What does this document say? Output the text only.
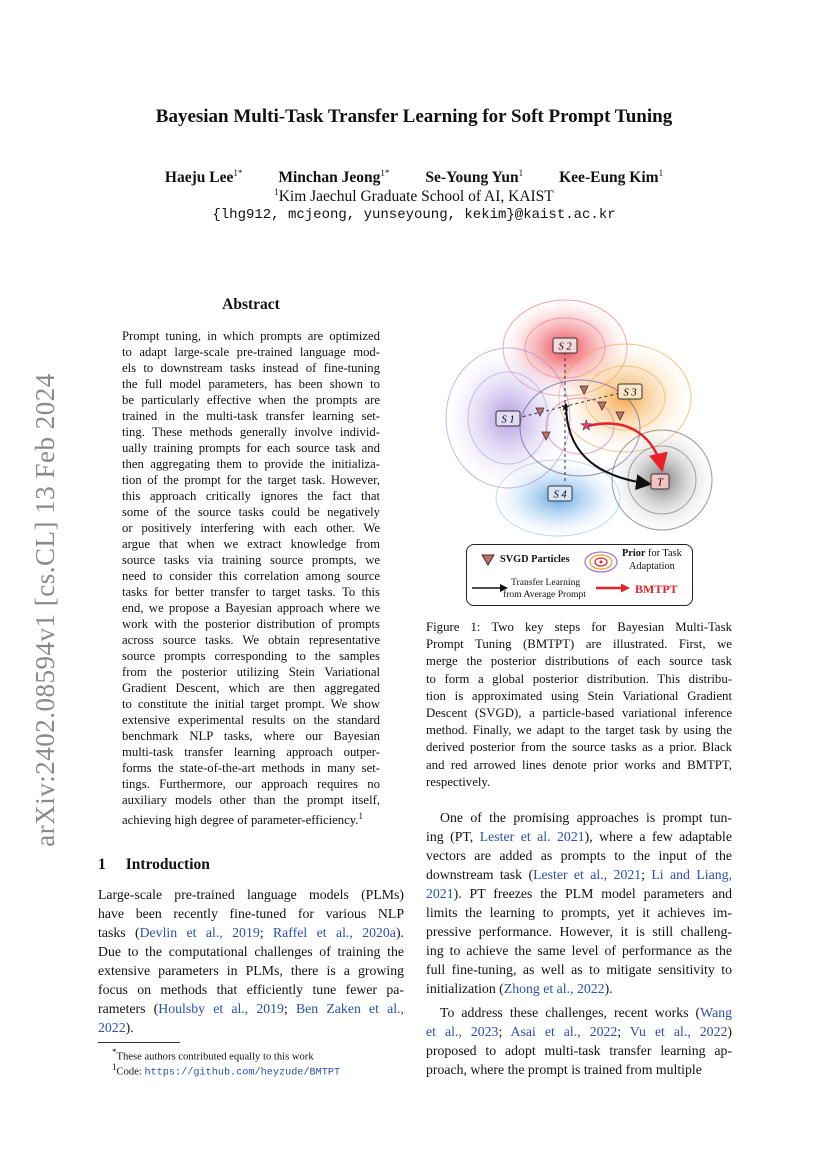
arXiv:2402.08594v1 [cs.CL] 13 Feb 2024
Bayesian Multi-Task Transfer Learning for Soft Prompt Tuning
Haeju Lee$^{1*}$ Minchan Jeong$^{1*}$ Se-Young Yun$^1$ Kee-Eung Kim$^1$
$^1$Kim Jaechul Graduate School of AI, KAIST
{lhg912, mcjeong, yunseyoung, kekim}@kaist.ac.kr
Abstract
Prompt tuning, in which prompts are optimized
to adapt large-scale pre-trained language mod-
els to downstream tasks instead of fine-tuning
the full model parameters, has been shown to
be particularly effective when the prompts are
trained in the multi-task transfer learning set-
ting. These methods generally involve individ-
ually training prompts for each source task and
then aggregating them to provide the initializa-
tion of the prompt for the target task. However,
this approach critically ignores the fact that
some of the source tasks could be negatively
or positively interfering with each other. We
argue that when we extract knowledge from
source tasks via training source prompts, we
need to consider this correlation among source
tasks for better transfer to target tasks. To this
end, we propose a Bayesian approach where we
work with the posterior distribution of prompts
across source tasks. We obtain representative
source prompts corresponding to the samples
from the posterior utilizing Stein Variational
Gradient Descent, which are then aggregated
to constitute the initial target prompt. We show
extensive experimental results on the standard
benchmark NLP tasks, where our Bayesian
multi-task transfer learning approach outper-
forms the state-of-the-art methods in many set-
tings. Furthermore, our approach requires no
auxiliary models other than the prompt itself,
achieving high degree of parameter-efficiency.$^1$
1 Introduction
Large-scale pre-trained language models (PLMs)
have been recently fine-tuned for various NLP
tasks (Devlin et al., 2019; Raffel et al., 2020a).
Due to the computational challenges of training the
extensive parameters in PLMs, there is a growing
focus on methods that efficiently tune fewer pa-
rameters (Houlsby et al., 2019; Ben Zaken et al.,
2022).
*These authors contributed equally to this work
$^1$Code: https://github.com/heyzude/BMTPT
★
★
S 2
S 3
S 1
S 4
T
SVGD Particles
Prior for Task
Adaptation
Transfer Learning
from Average Prompt	BMTPT
Figure 1: Two key steps for Bayesian Multi-Task
Prompt Tuning (BMTPT) are illustrated. First, we
merge the posterior distributions of each source task
to form a global posterior distribution. This distribu-
tion is approximated using Stein Variational Gradient
Descent (SVGD), a particle-based variational inference
method. Finally, we adapt to the target task by using the
derived posterior from the source tasks as a prior. Black
and red arrowed lines denote prior works and BMTPT,
respectively.
One of the promising approaches is prompt tun-
ing (PT, Lester et al. 2021), where a few adaptable
vectors are added as prompts to the input of the
downstream task (Lester et al., 2021; Li and Liang,
2021). PT freezes the PLM model parameters and
limits the learning to prompts, yet it achieves im-
pressive performance. However, it is still challeng-
ing to achieve the same level of performance as the
full fine-tuning, as well as to mitigate sensitivity to
initialization (Zhong et al., 2022).
To address these challenges, recent works (Wang
et al., 2023; Asai et al., 2022; Vu et al., 2022)
proposed to adopt multi-task transfer learning ap-
proach, where the prompt is trained from multiple
